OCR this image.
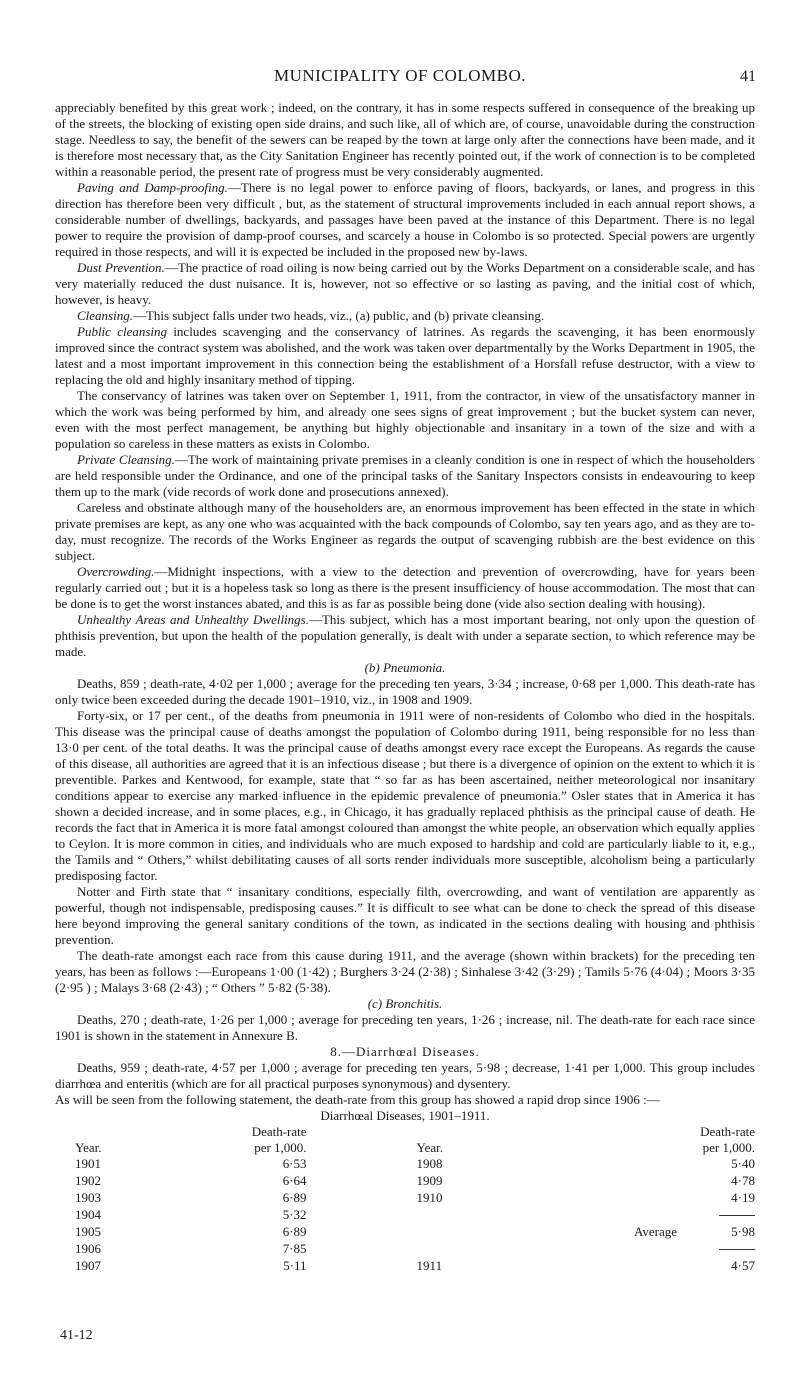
MUNICIPALITY OF COLOMBO.	41

appreciably benefited by this great work ; indeed, on the contrary, it has in some respects suffered in consequence of the breaking up of the streets, the blocking of existing open side drains, and such like, all of which are, of course, unavoidable during the construction stage. Needless to say, the benefit of the sewers can be reaped by the town at large only after the connections have been made, and it is therefore most necessary that, as the City Sanitation Engineer has recently pointed out, if the work of connection is to be completed within a reasonable period, the present rate of progress must be very considerably augmented.

Paving and Damp-proofing.—There is no legal power to enforce paving of floors, backyards, or lanes, and progress in this direction has therefore been very difficult , but, as the statement of structural improvements included in each annual report shows, a considerable number of dwellings, backyards, and passages have been paved at the instance of this Department. There is no legal power to require the provision of damp-proof courses, and scarcely a house in Colombo is so protected. Special powers are urgently required in those respects, and will it is expected be included in the proposed new by-laws.

Dust Prevention.—The practice of road oiling is now being carried out by the Works Department on a considerable scale, and has very materially reduced the dust nuisance. It is, however, not so effective or so lasting as paving, and the initial cost of which, however, is heavy.

Cleansing.—This subject falls under two heads, viz., (a) public, and (b) private cleansing.

Public cleansing includes scavenging and the conservancy of latrines. As regards the scavenging, it has been enormously improved since the contract system was abolished, and the work was taken over departmentally by the Works Department in 1905, the latest and a most important improvement in this connection being the establishment of a Horsfall refuse destructor, with a view to replacing the old and highly insanitary method of tipping.

The conservancy of latrines was taken over on September 1, 1911, from the contractor, in view of the unsatisfactory manner in which the work was being performed by him, and already one sees signs of great improvement ; but the bucket system can never, even with the most perfect management, be anything but highly objectionable and insanitary in a town of the size and with a population so careless in these matters as exists in Colombo.

Private Cleansing.—The work of maintaining private premises in a cleanly condition is one in respect of which the householders are held responsible under the Ordinance, and one of the principal tasks of the Sanitary Inspectors consists in endeavouring to keep them up to the mark (vide records of work done and prosecutions annexed).

Careless and obstinate although many of the householders are, an enormous improvement has been effected in the state in which private premises are kept, as any one who was acquainted with the back compounds of Colombo, say ten years ago, and as they are to-day, must recognize. The records of the Works Engineer as regards the output of scavenging rubbish are the best evidence on this subject.

Overcrowding.—Midnight inspections, with a view to the detection and prevention of overcrowding, have for years been regularly carried out ; but it is a hopeless task so long as there is the present insufficiency of house accommodation. The most that can be done is to get the worst instances abated, and this is as far as possible being done (vide also section dealing with housing).

Unhealthy Areas and Unhealthy Dwellings.—This subject, which has a most important bearing, not only upon the question of phthisis prevention, but upon the health of the population generally, is dealt with under a separate section, to which reference may be made.

(b) Pneumonia.

Deaths, 859 ; death-rate, 4·02 per 1,000 ; average for the preceding ten years, 3·34 ; increase, 0·68 per 1,000. This death-rate has only twice been exceeded during the decade 1901–1910, viz., in 1908 and 1909.

Forty-six, or 17 per cent., of the deaths from pneumonia in 1911 were of non-residents of Colombo who died in the hospitals. This disease was the principal cause of deaths amongst the population of Colombo during 1911, being responsible for no less than 13·0 per cent. of the total deaths. It was the principal cause of deaths amongst every race except the Europeans. As regards the cause of this disease, all authorities are agreed that it is an infectious disease ; but there is a divergence of opinion on the extent to which it is preventible. Parkes and Kentwood, for example, state that “ so far as has been ascertained, neither meteorological nor insanitary conditions appear to exercise any marked influence in the epidemic prevalence of pneumonia.” Osler states that in America it has shown a decided increase, and in some places, e.g., in Chicago, it has gradually replaced phthisis as the principal cause of death. He records the fact that in America it is more fatal amongst coloured than amongst the white people, an observation which equally applies to Ceylon. It is more common in cities, and individuals who are much exposed to hardship and cold are particularly liable to it, e.g., the Tamils and “ Others,” whilst debilitating causes of all sorts render individuals more susceptible, alcoholism being a particularly predisposing factor.

Notter and Firth state that “ insanitary conditions, especially filth, overcrowding, and want of ventilation are apparently as powerful, though not indispensable, predisposing causes.” It is difficult to see what can be done to check the spread of this disease here beyond improving the general sanitary conditions of the town, as indicated in the sections dealing with housing and phthisis prevention.

The death-rate amongst each race from this cause during 1911, and the average (shown within brackets) for the preceding ten years, has been as follows :—Europeans 1·00 (1·42) ; Burghers 3·24 (2·38) ; Sinhalese 3·42 (3·29) ; Tamils 5·76 (4·04) ; Moors 3·35 (2·95 ) ; Malays 3·68 (2·43) ; “ Others ” 5·82 (5·38).

(c) Bronchitis.

Deaths, 270 ; death-rate, 1·26 per 1,000 ; average for preceding ten years, 1·26 ; increase, nil. The death-rate for each race since 1901 is shown in the statement in Annexure B.

8.—Diarrhœal Diseases.

Deaths, 959 ; death-rate, 4·57 per 1,000 ; average for preceding ten years, 5·98 ; decrease, 1·41 per 1,000. This group includes diarrhœa and enteritis (which are for all practical purposes synonymous) and dysentery.

As will be seen from the following statement, the death-rate from this group has showed a rapid drop since 1906 :—

Diarrhœal Diseases, 1901–1911.

	Death-rate			Death-rate
Year.	per 1,000.	Year.		per 1,000.
1901	6·53	1908		5·40
1902	6·64	1909		4·78
1903	6·89	1910		4·19
1904	5·32			
1905	6·89		Average	5·98
1906	7·85			
1907	5·11	1911		4·57
41-12
